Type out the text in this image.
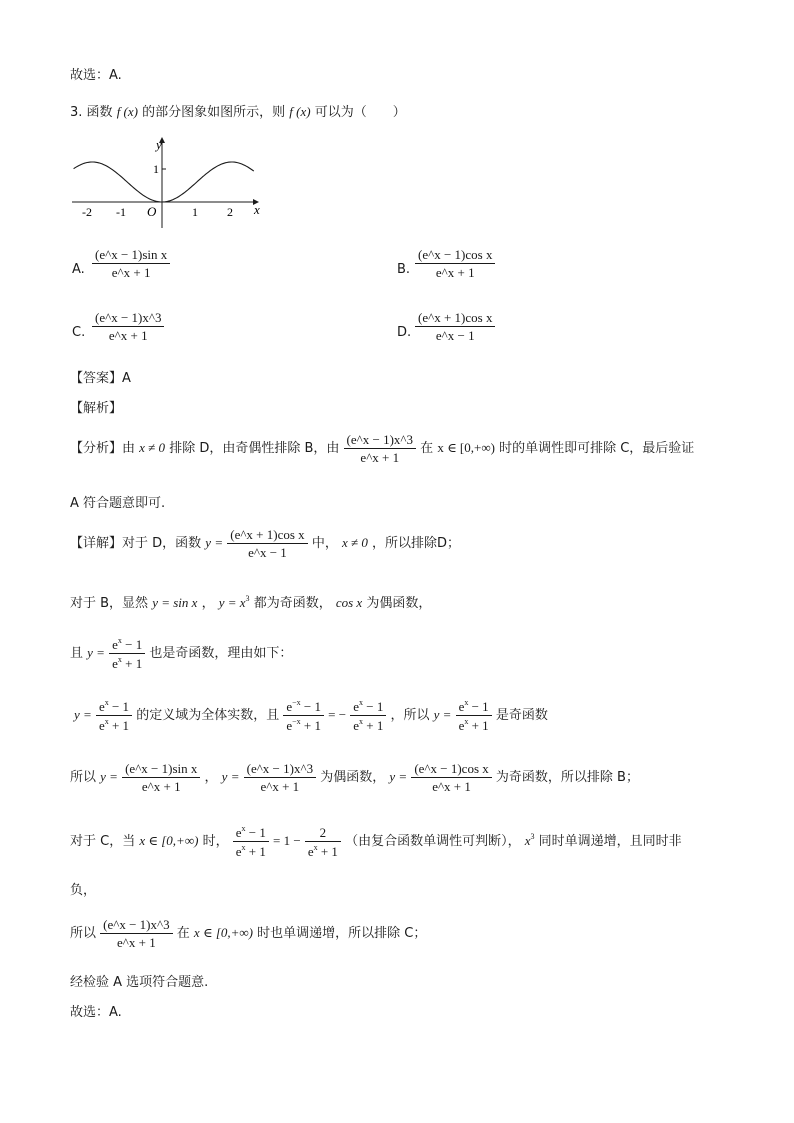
故选：A.
3. 函数 f (x) 的部分图象如图所示，则 f (x) 可以为（　　）
y
x
O
1
-2 -1	1 2
A. $\frac{\text{(e\textasciicircum{}x − 1)sin x}}{e\^{}x + 1}$	B. $\frac{\text{(e\textasciicircum{}x − 1)cos x}}{e\^{}x + 1}$
C. $\frac{(e\^{}x - 1)x\^{}3}{e\^{}x + 1}$	D. $\frac{\text{(e\textasciicircum{}x + 1)cos x}}{e\^{}x - 1}$
【答案】A
【解析】
【分析】由 x ≠ 0 排除 D，由奇偶性排除 B，由 $\frac{(e\^{}x - 1)x\^{}3}{e\^{}x + 1}$ 在 x ∈ [0,+∞) 时的单调性即可排除 C，最后验证
A 符合题意即可.
【详解】对于 D，函数 $y = \frac{\text{(e\textasciicircum{}x + 1)cos x}}{e\^{}x - 1}$ 中， x ≠ 0 ，所以排除D；
对于 B，显然 y = sin x ， $y = x^3$ 都为奇函数， cos x 为偶函数，
且 $y = \frac{e^x - 1}{e^x + 1}$ 也是奇函数，理由如下：
$y = \frac{e^x - 1}{e^x + 1}$ 的定义域为全体实数，且 $\frac{e^{-x} - 1}{e^{-x} + 1}$ = − $\frac{e^x - 1}{e^x + 1}$ ，所以 $y = \frac{e^x - 1}{e^x + 1}$ 是奇函数
所以 $y = \frac{\text{(e\textasciicircum{}x − 1)sin x}}{e\^{}x + 1}$ ， $y = \frac{(e\^{}x - 1)x\^{}3}{e\^{}x + 1}$ 为偶函数， $y = \frac{\text{(e\textasciicircum{}x − 1)cos x}}{e\^{}x + 1}$ 为奇函数，所以排除 B；
对于 C，当 x ∈ [0,+∞) 时， $\frac{e^x - 1}{e^x + 1} = 1 - \frac{2}{e^x + 1}$ （由复合函数单调性可判断）， $x^3$ 同时单调递增，且同时非
负，
所以 $\frac{(e\^{}x - 1)x\^{}3}{e\^{}x + 1}$ 在 x ∈ [0,+∞) 时也单调递增，所以排除 C；
经检验 A 选项符合题意.
故选：A.
